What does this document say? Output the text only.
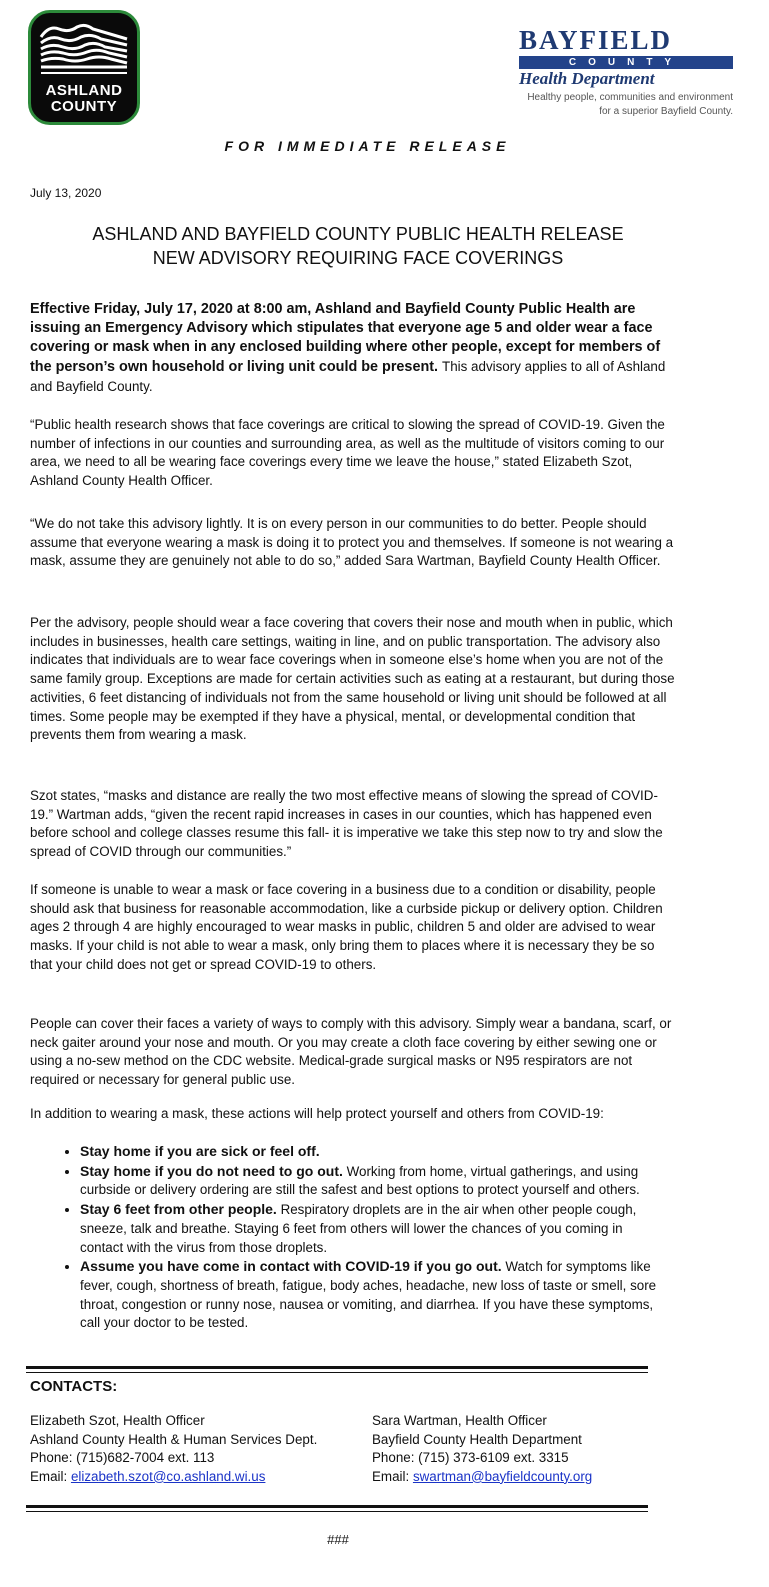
ASHLAND
COUNTY
BAYFIELD
COUNTY
Health Department
Healthy people, communities and environment
for a superior Bayfield County.
FOR IMMEDIATE RELEASE
July 13, 2020
ASHLAND AND BAYFIELD COUNTY PUBLIC HEALTH RELEASE
NEW ADVISORY REQUIRING FACE COVERINGS
Effective Friday, July 17, 2020 at 8:00 am, Ashland and Bayfield County Public Health are issuing an Emergency Advisory which stipulates that everyone age 5 and older wear a face covering or mask when in any enclosed building where other people, except for members of the person’s own household or living unit could be present. This advisory applies to all of Ashland and Bayfield County.
“Public health research shows that face coverings are critical to slowing the spread of COVID-19. Given the number of infections in our counties and surrounding area, as well as the multitude of visitors coming to our area, we need to all be wearing face coverings every time we leave the house,” stated Elizabeth Szot, Ashland County Health Officer.
“We do not take this advisory lightly. It is on every person in our communities to do better. People should assume that everyone wearing a mask is doing it to protect you and themselves. If someone is not wearing a mask, assume they are genuinely not able to do so,” added Sara Wartman, Bayfield County Health Officer.
Per the advisory, people should wear a face covering that covers their nose and mouth when in public, which includes in businesses, health care settings, waiting in line, and on public transportation. The advisory also indicates that individuals are to wear face coverings when in someone else’s home when you are not of the same family group. Exceptions are made for certain activities such as eating at a restaurant, but during those activities, 6 feet distancing of individuals not from the same household or living unit should be followed at all times. Some people may be exempted if they have a physical, mental, or developmental condition that prevents them from wearing a mask.
Szot states, “masks and distance are really the two most effective means of slowing the spread of COVID-19.” Wartman adds, “given the recent rapid increases in cases in our counties, which has happened even before school and college classes resume this fall- it is imperative we take this step now to try and slow the spread of COVID through our communities.”
If someone is unable to wear a mask or face covering in a business due to a condition or disability, people should ask that business for reasonable accommodation, like a curbside pickup or delivery option. Children ages 2 through 4 are highly encouraged to wear masks in public, children 5 and older are advised to wear masks. If your child is not able to wear a mask, only bring them to places where it is necessary they be so that your child does not get or spread COVID-19 to others.
People can cover their faces a variety of ways to comply with this advisory. Simply wear a bandana, scarf, or neck gaiter around your nose and mouth. Or you may create a cloth face covering by either sewing one or using a no-sew method on the CDC website. Medical-grade surgical masks or N95 respirators are not required or necessary for general public use.
In addition to wearing a mask, these actions will help protect yourself and others from COVID-19:
• Stay home if you are sick or feel off.
• Stay home if you do not need to go out. Working from home, virtual gatherings, and using curbside or delivery ordering are still the safest and best options to protect yourself and others.
• Stay 6 feet from other people. Respiratory droplets are in the air when other people cough, sneeze, talk and breathe. Staying 6 feet from others will lower the chances of you coming in contact with the virus from those droplets.
• Assume you have come in contact with COVID-19 if you go out. Watch for symptoms like fever, cough, shortness of breath, fatigue, body aches, headache, new loss of taste or smell, sore throat, congestion or runny nose, nausea or vomiting, and diarrhea. If you have these symptoms, call your doctor to be tested.
CONTACTS:
Elizabeth Szot, Health Officer
Ashland County Health & Human Services Dept.
Phone: (715)682-7004 ext. 113
Email: elizabeth.szot@co.ashland.wi.us
Sara Wartman, Health Officer
Bayfield County Health Department
Phone: (715) 373-6109 ext. 3315
Email: swartman@bayfieldcounty.org
###
